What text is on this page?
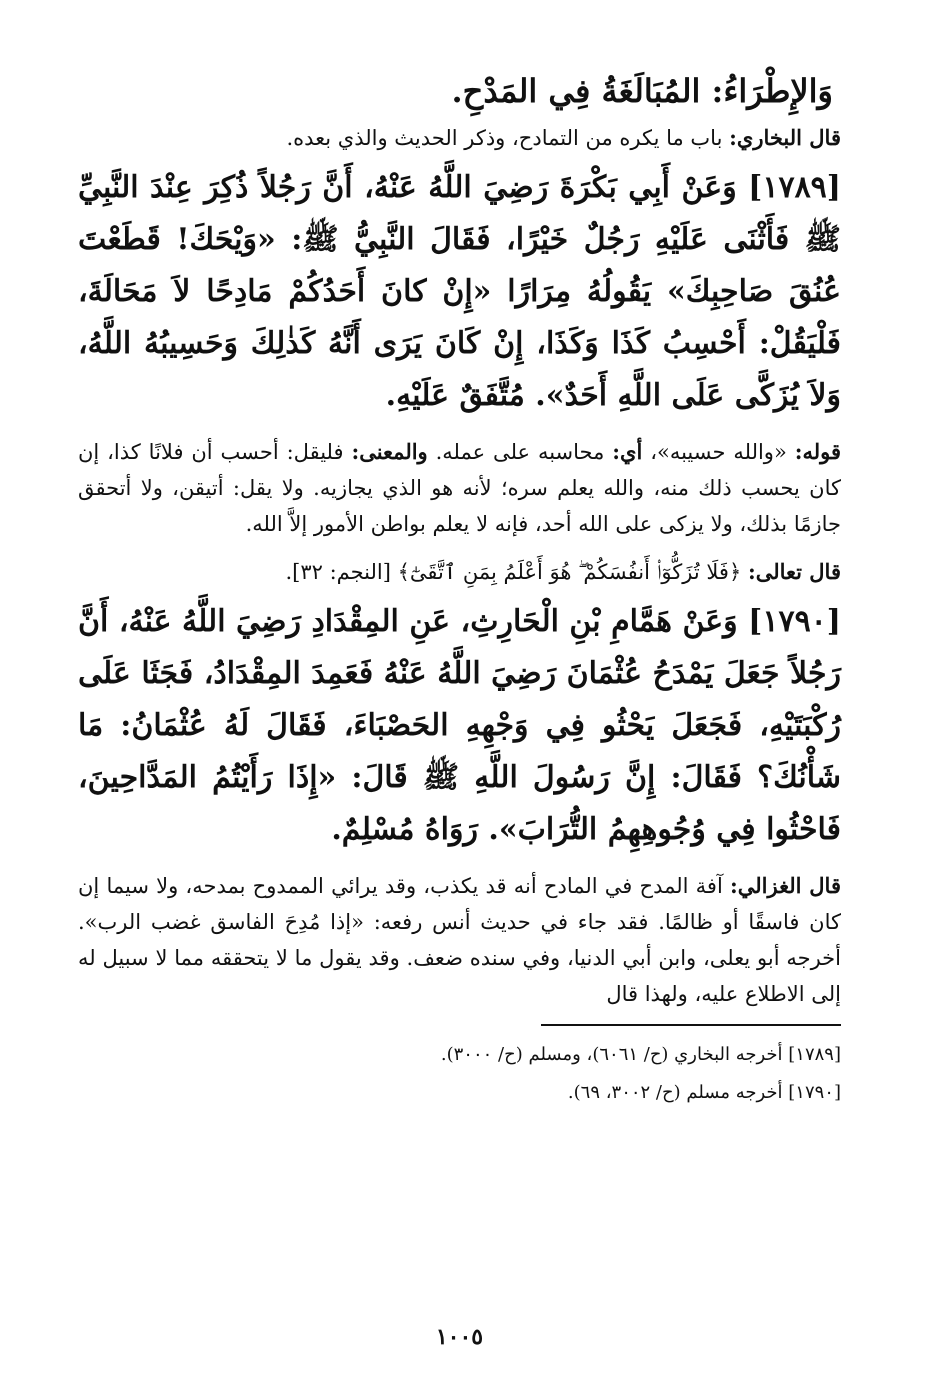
وَالإِطْرَاءُ: المُبَالَغَةُ فِي المَدْحِ.

قال البخاري: باب ما يكره من التمادح، وذكر الحديث والذي بعده.

[١٧٨٩] وَعَنْ أَبِي بَكْرَةَ رَضِيَ اللَّهُ عَنْهُ، أَنَّ رَجُلاً ذُكِرَ عِنْدَ النَّبِيِّ ﷺ فَأَثْنَى عَلَيْهِ رَجُلٌ خَيْرًا، فَقَالَ النَّبِيُّ ﷺ: «وَيْحَكَ! قَطَعْتَ عُنُقَ صَاحِبِكَ» يَقُولُهُ مِرَارًا «إِنْ كانَ أَحَدُكُمْ مَادِحًا لاَ مَحَالَةَ، فَلْيَقُلْ: أَحْسِبُ كَذَا وَكَذَا، إِنْ كَانَ يَرَى أَنَّهُ كَذٰلِكَ وَحَسِيبُهُ اللَّهُ، وَلاَ يُزَكَّى عَلَى اللَّهِ أَحَدٌ». مُتَّفَقٌ عَلَيْهِ.

قوله: «والله حسيبه»، أي: محاسبه على عمله. والمعنى: فليقل: أحسب أن فلانًا كذا، إن كان يحسب ذلك منه، والله يعلم سره؛ لأنه هو الذي يجازيه. ولا يقل: أتيقن، ولا أتحقق جازمًا بذلك، ولا يزكى على الله أحد، فإنه لا يعلم بواطن الأمور إلاَّ الله.

قال تعالى: ﴿فَلَا تُزَكُّوٓا۟ أَنفُسَكُمْ ۖ هُوَ أَعْلَمُ بِمَنِ ٱتَّقَىٰٓ﴾ [النجم: ٣٢].

[١٧٩٠] وَعَنْ هَمَّامِ بْنِ الْحَارِثِ، عَنِ المِقْدَادِ رَضِيَ اللَّهُ عَنْهُ، أَنَّ رَجُلاً جَعَلَ يَمْدَحُ عُثْمَانَ رَضِيَ اللَّهُ عَنْهُ فَعَمِدَ المِقْدَادُ، فَجَثَا عَلَى رُكْبَتَيْهِ، فَجَعَلَ يَحْثُو فِي وَجْهِهِ الحَصْبَاءَ، فَقَالَ لَهُ عُثْمَانُ: مَا شَأْنُكَ؟ فَقَالَ: إِنَّ رَسُولَ اللَّهِ ﷺ قَالَ: «إِذَا رَأَيْتُمُ المَدَّاحِينَ، فَاحْثُوا فِي وُجُوهِهِمُ التُّرَابَ». رَوَاهُ مُسْلِمٌ.

قال الغزالي: آفة المدح في المادح أنه قد يكذب، وقد يرائي الممدوح بمدحه، ولا سيما إن كان فاسقًا أو ظالمًا. فقد جاء في حديث أنس رفعه: «إذا مُدِحَ الفاسق غضب الرب». أخرجه أبو يعلى، وابن أبي الدنيا، وفي سنده ضعف. وقد يقول ما لا يتحققه مما لا سبيل له إلى الاطلاع عليه، ولهذا قال

[١٧٨٩] أخرجه البخاري (ح/ ٦٠٦١)، ومسلم (ح/ ٣٠٠٠).

[١٧٩٠] أخرجه مسلم (ح/ ٣٠٠٢، ٦٩).

١٠٠٥
